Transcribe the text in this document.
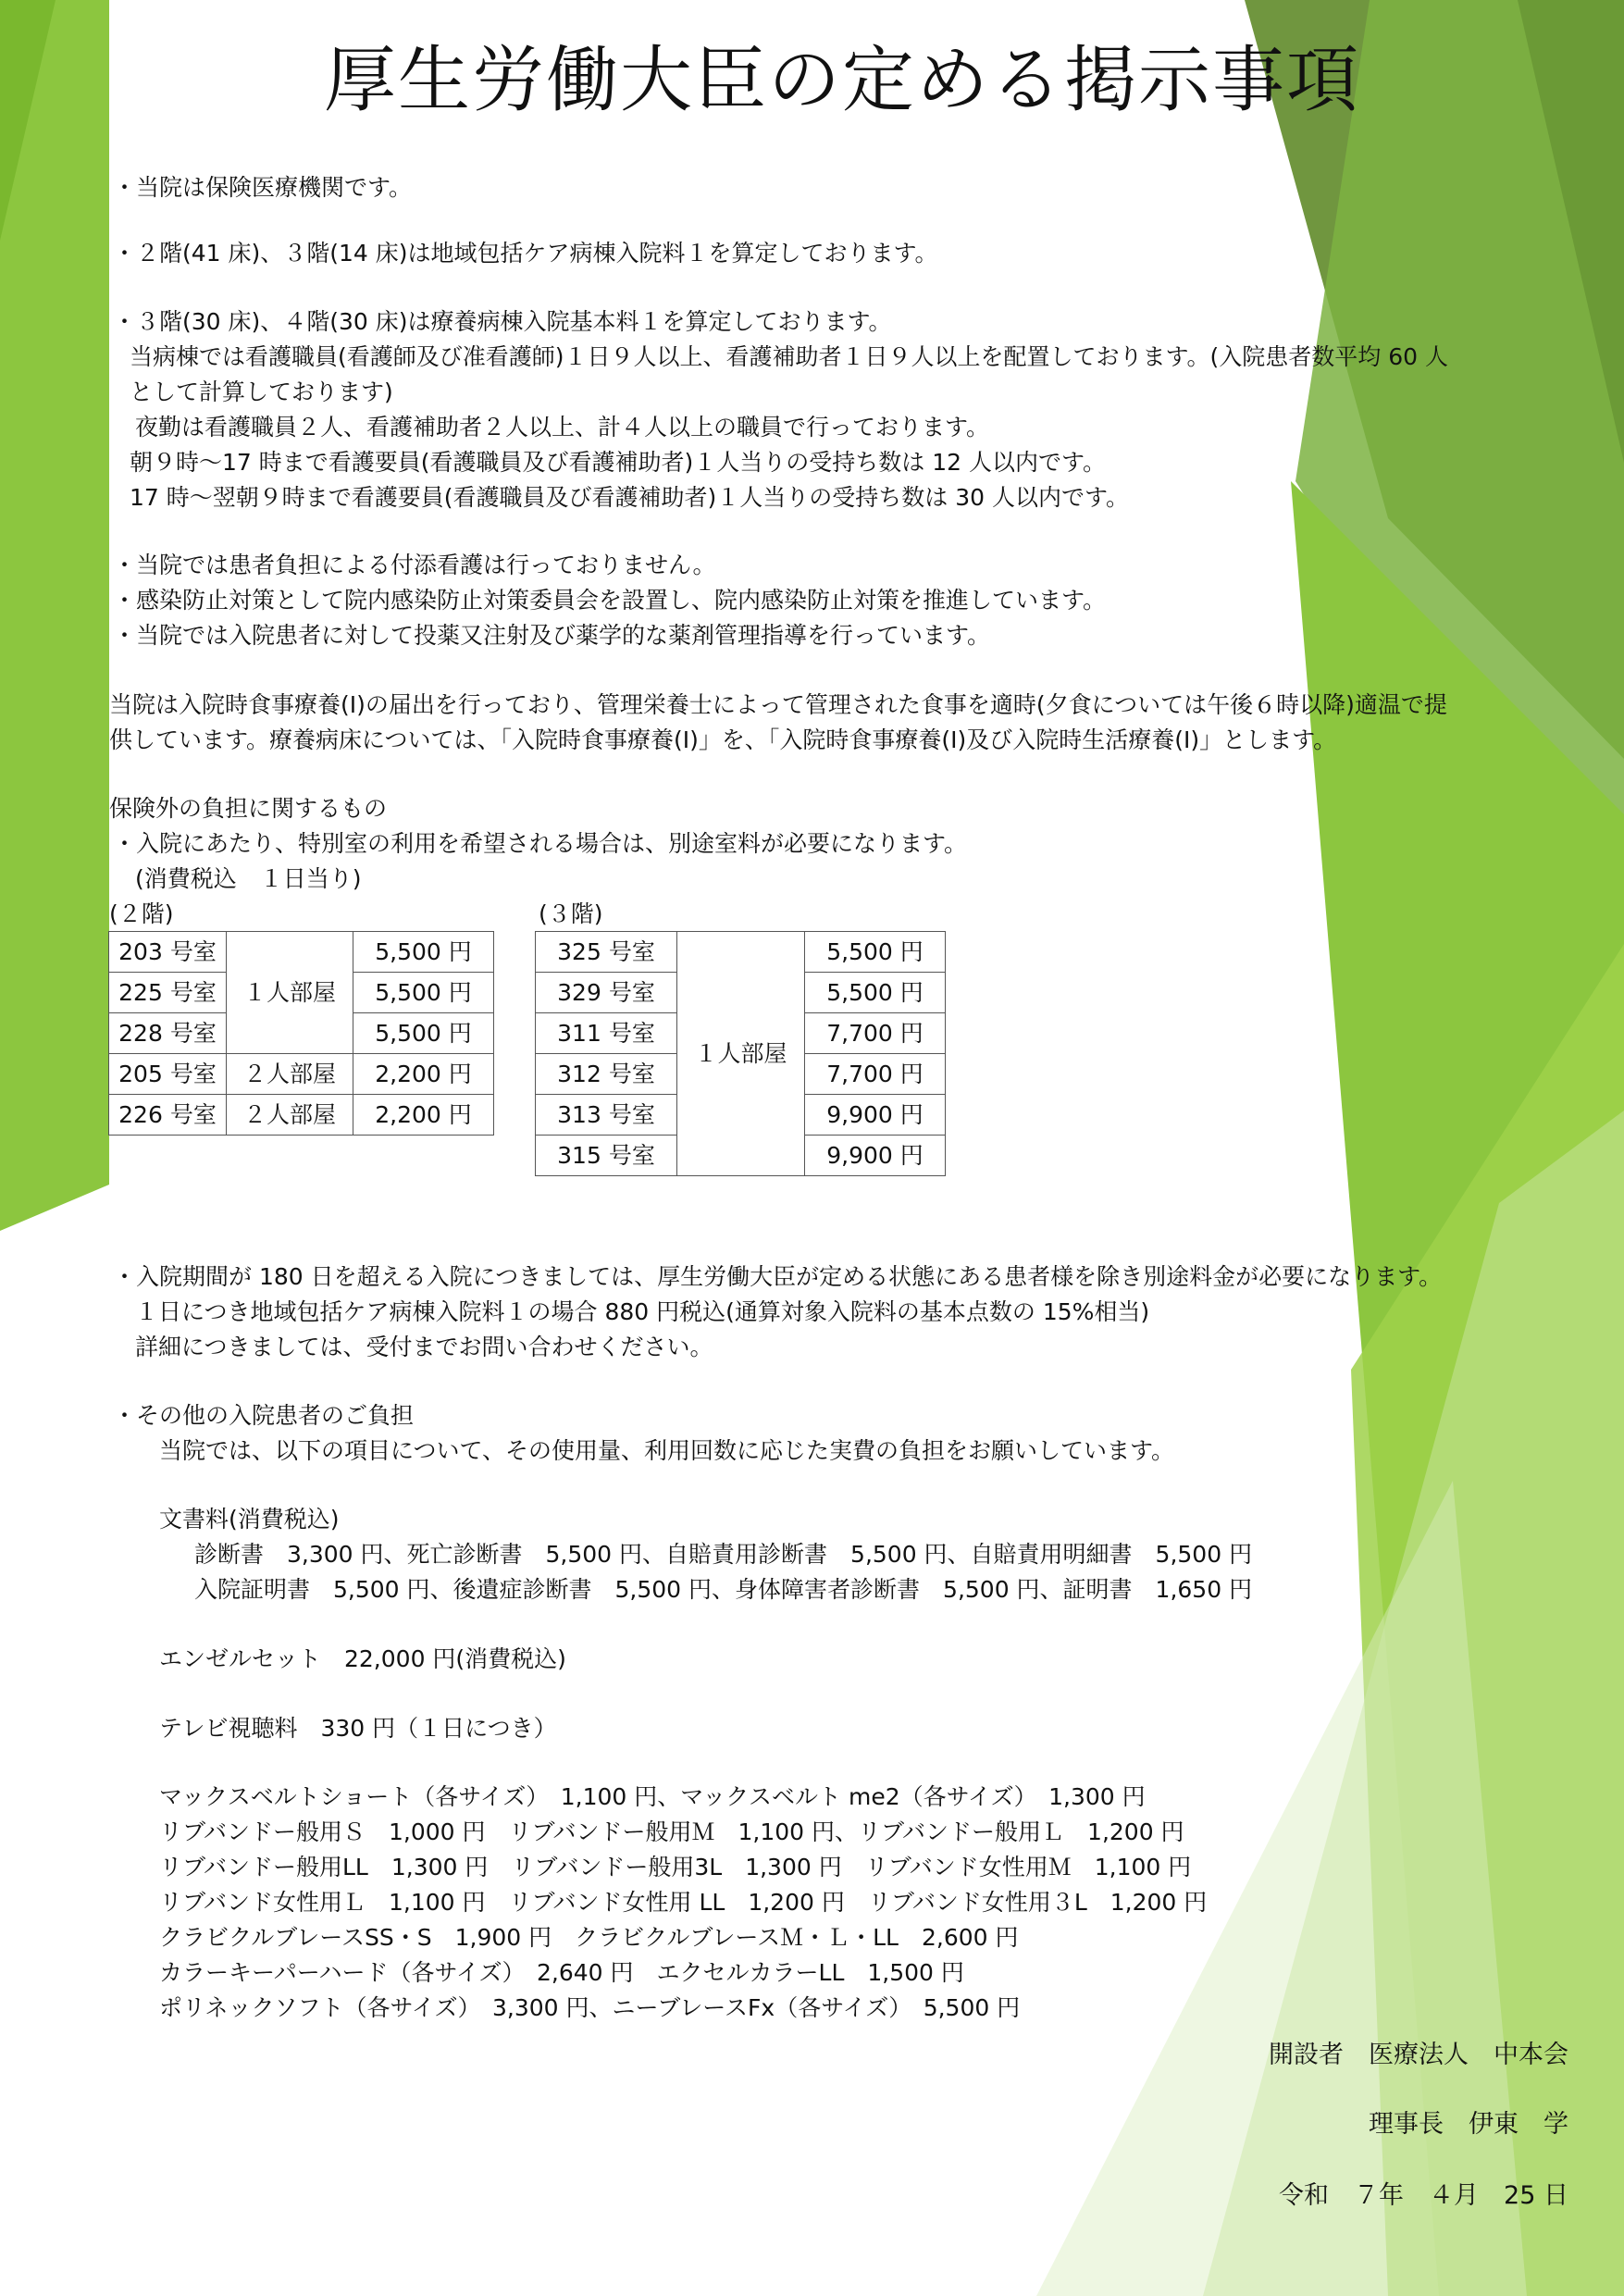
厚生労働大臣の定める掲示事項
・当院は保険医療機関です。
・２階(41 床)、３階(14 床)は地域包括ケア病棟入院料１を算定しております。
・３階(30 床)、４階(30 床)は療養病棟入院基本料１を算定しております。
当病棟では看護職員(看護師及び准看護師)１日９人以上、看護補助者１日９人以上を配置しております。(入院患者数平均 60 人
として計算しております)
夜勤は看護職員２人、看護補助者２人以上、計４人以上の職員で行っております。
朝９時～17 時まで看護要員(看護職員及び看護補助者)１人当りの受持ち数は 12 人以内です。
17 時～翌朝９時まで看護要員(看護職員及び看護補助者)１人当りの受持ち数は 30 人以内です。
・当院では患者負担による付添看護は行っておりません。
・感染防止対策として院内感染防止対策委員会を設置し、院内感染防止対策を推進しています。
・当院では入院患者に対して投薬又注射及び薬学的な薬剤管理指導を行っています。
当院は入院時食事療養(Ⅰ)の届出を行っており、管理栄養士によって管理された食事を適時(夕食については午後６時以降)適温で提
供しています。療養病床については、「入院時食事療養(Ⅰ)」を、「入院時食事療養(Ⅰ)及び入院時生活療養(Ⅰ)」とします。
保険外の負担に関するもの
・入院にあたり、特別室の利用を希望される場合は、別途室料が必要になります。
(消費税込　１日当り)
(２階)	(３階)
203 号室	１人部屋	5,500 円
225 号室		5,500 円
228 号室		5,500 円
205 号室	２人部屋	2,200 円
226 号室	２人部屋	2,200 円
325 号室	１人部屋	5,500 円
329 号室		5,500 円
311 号室		7,700 円
312 号室		7,700 円
313 号室		9,900 円
315 号室		9,900 円
・入院期間が 180 日を超える入院につきましては、厚生労働大臣が定める状態にある患者様を除き別途料金が必要になります。
１日につき地域包括ケア病棟入院料１の場合 880 円税込(通算対象入院料の基本点数の 15%相当)
詳細につきましては、受付までお問い合わせください。
・その他の入院患者のご負担
当院では、以下の項目について、その使用量、利用回数に応じた実費の負担をお願いしています。
文書料(消費税込)
診断書　3,300 円、死亡診断書　5,500 円、自賠責用診断書　5,500 円、自賠責用明細書　5,500 円
入院証明書　5,500 円、後遺症診断書　5,500 円、身体障害者診断書　5,500 円、証明書　1,650 円
エンゼルセット　22,000 円(消費税込)
テレビ視聴料　330 円（１日につき）
マックスベルトショート（各サイズ）　1,100 円、マックスベルト me2（各サイズ）　1,300 円
リブバンドー般用Ｓ　1,000 円　リブバンドー般用Ｍ　1,100 円、リブバンドー般用Ｌ　1,200 円
リブバンドー般用LL　1,300 円　リブバンドー般用3L　1,300 円　リブバンド女性用Ｍ　1,100 円
リブバンド女性用Ｌ　1,100 円　リブバンド女性用 LL　1,200 円　リブバンド女性用３L　1,200 円
クラビクルブレースSS・S　1,900 円　クラビクルブレースＭ・Ｌ・LL　2,600 円
カラーキーパーハード（各サイズ）　2,640 円　エクセルカラーLL　1,500 円
ポリネックソフト（各サイズ）　3,300 円、ニーブレースFx（各サイズ）　5,500 円
開設者　医療法人　中本会
理事長　伊東　学
令和　７年　４月　25 日
